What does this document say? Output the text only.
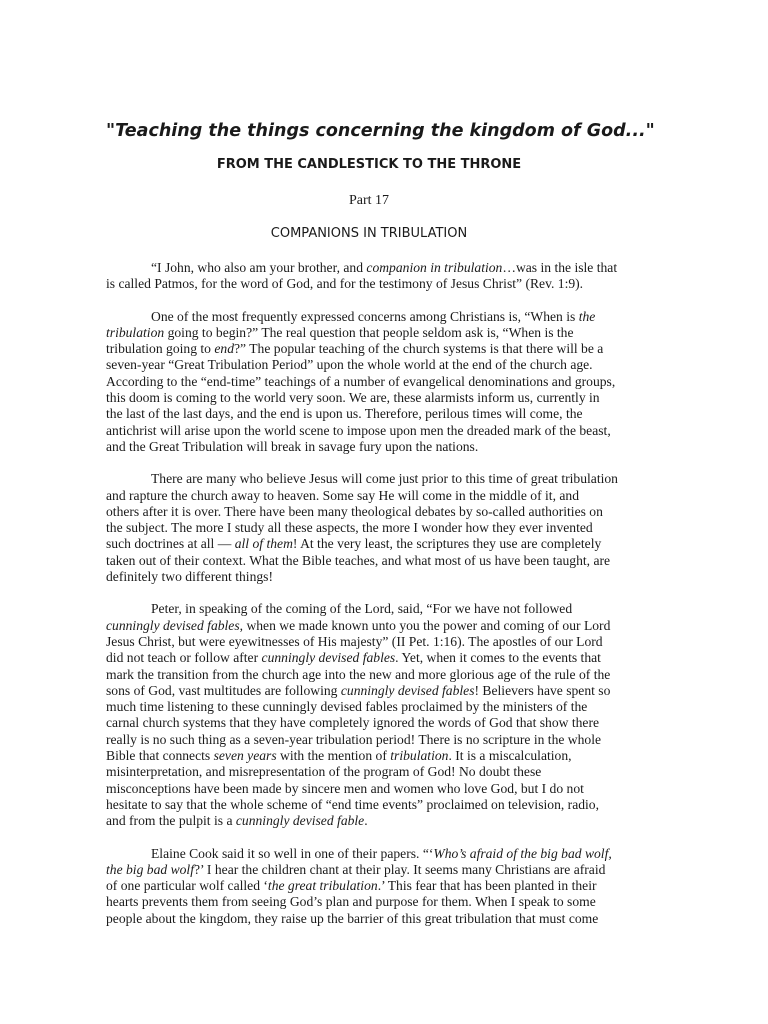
"Teaching the things concerning the kingdom of God..."
FROM THE CANDLESTICK TO THE THRONE
Part 17
COMPANIONS IN TRIBULATION
“I John, who also am your brother, and companion in tribulation…was in the isle that
is called Patmos, for the word of God, and for the testimony of Jesus Christ” (Rev. 1:9).
One of the most frequently expressed concerns among Christians is, “When is the
tribulation going to begin?” The real question that people seldom ask is, “When is the
tribulation going to end?” The popular teaching of the church systems is that there will be a
seven-year “Great Tribulation Period” upon the whole world at the end of the church age.
According to the “end-time” teachings of a number of evangelical denominations and groups,
this doom is coming to the world very soon. We are, these alarmists inform us, currently in
the last of the last days, and the end is upon us. Therefore, perilous times will come, the
antichrist will arise upon the world scene to impose upon men the dreaded mark of the beast,
and the Great Tribulation will break in savage fury upon the nations.
There are many who believe Jesus will come just prior to this time of great tribulation
and rapture the church away to heaven. Some say He will come in the middle of it, and
others after it is over. There have been many theological debates by so-called authorities on
the subject. The more I study all these aspects, the more I wonder how they ever invented
such doctrines at all — all of them! At the very least, the scriptures they use are completely
taken out of their context. What the Bible teaches, and what most of us have been taught, are
definitely two different things!
Peter, in speaking of the coming of the Lord, said, “For we have not followed
cunningly devised fables, when we made known unto you the power and coming of our Lord
Jesus Christ, but were eyewitnesses of His majesty” (II Pet. 1:16). The apostles of our Lord
did not teach or follow after cunningly devised fables. Yet, when it comes to the events that
mark the transition from the church age into the new and more glorious age of the rule of the
sons of God, vast multitudes are following cunningly devised fables! Believers have spent so
much time listening to these cunningly devised fables proclaimed by the ministers of the
carnal church systems that they have completely ignored the words of God that show there
really is no such thing as a seven-year tribulation period! There is no scripture in the whole
Bible that connects seven years with the mention of tribulation. It is a miscalculation,
misinterpretation, and misrepresentation of the program of God! No doubt these
misconceptions have been made by sincere men and women who love God, but I do not
hesitate to say that the whole scheme of “end time events” proclaimed on television, radio,
and from the pulpit is a cunningly devised fable.
Elaine Cook said it so well in one of their papers. “‘Who’s afraid of the big bad wolf,
the big bad wolf?’ I hear the children chant at their play. It seems many Christians are afraid
of one particular wolf called ‘the great tribulation.’ This fear that has been planted in their
hearts prevents them from seeing God’s plan and purpose for them. When I speak to some
people about the kingdom, they raise up the barrier of this great tribulation that must come
